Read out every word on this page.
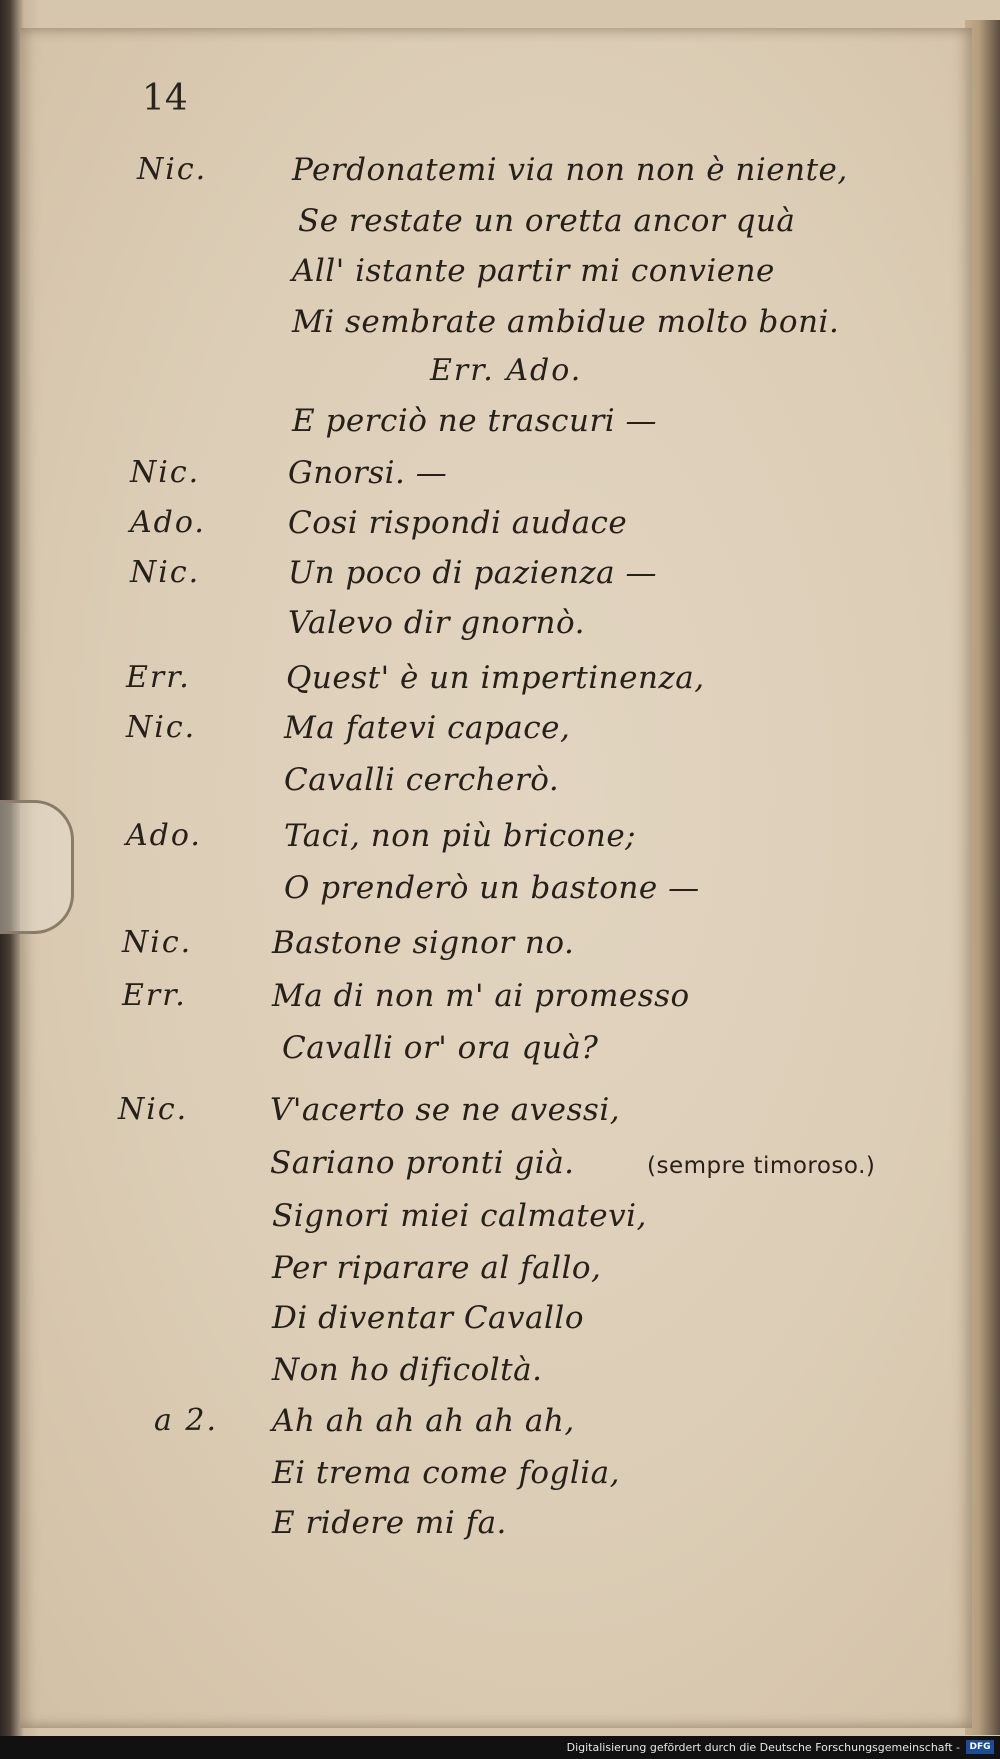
14
Nic.
Nic.
Ado.
Nic.
Err.
Nic.
Ado.
Nic.
Err.
Nic.
a 2.
Perdonatemi via non non è niente,
Se restate un oretta ancor quà
All' istante partir mi conviene
Mi sembrate ambidue molto boni.
Err. Ado.
E perciò ne trascuri —
Gnorsi. —
Cosi rispondi audace
Un poco di pazienza —
Valevo dir gnornò.
Quest' è un impertinenza,
Ma fatevi capace,
Cavalli cercherò.
Taci, non più bricone;
O prenderò un bastone —
Bastone signor no.
Ma di non m' ai promesso
Cavalli or' ora quà?
V'acerto se ne avessi,
Sariano pronti già.	(sempre timoroso.)
Signori miei calmatevi,
Per riparare al fallo,
Di diventar Cavallo
Non ho dificoltà.
Ah ah ah ah ah ah,
Ei trema come foglia,
E ridere mi fa.
Digitalisierung gefördert durch die Deutsche Forschungsgemeinschaft -	DFG
